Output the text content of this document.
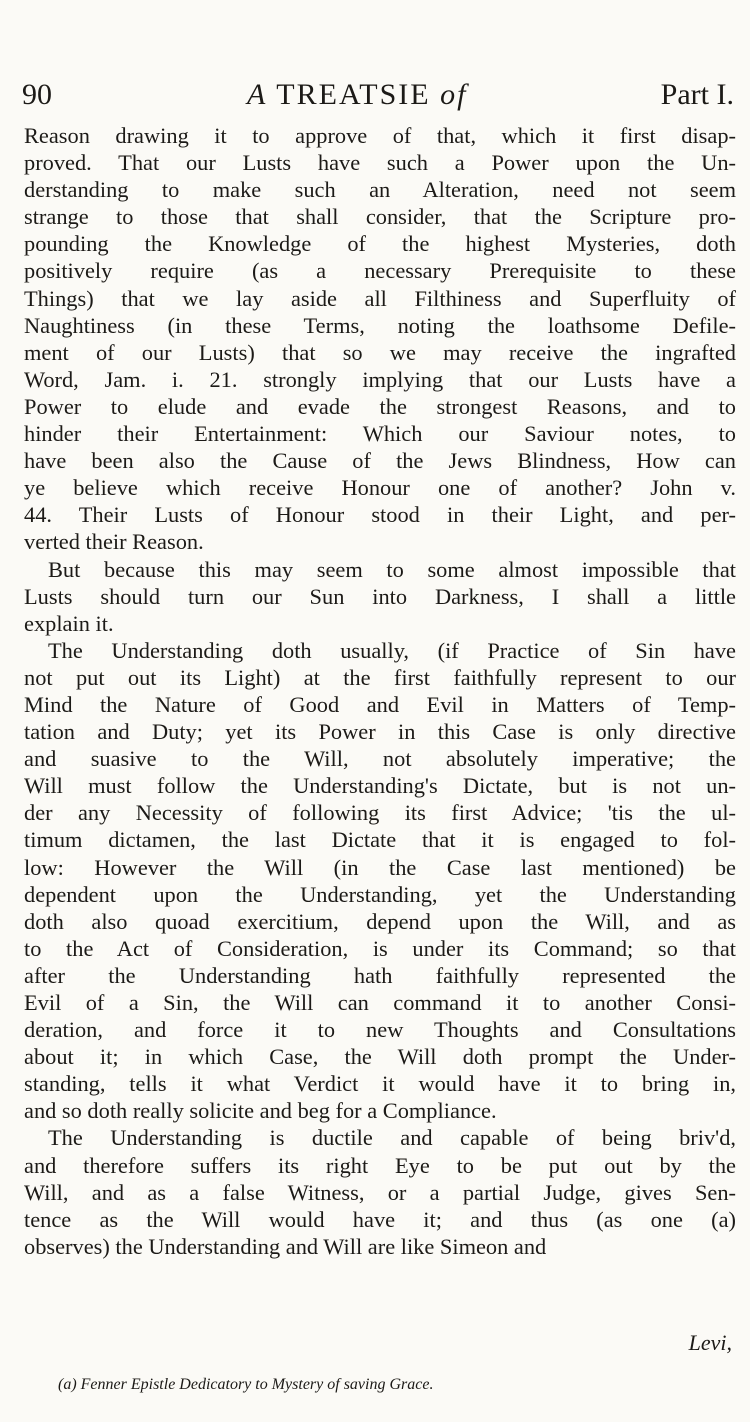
90	A TREATSIE of	Part I.
Reason drawing it to approve of that, which it first disap-
proved. That our Lusts have such a Power upon the Un-
derstanding to make such an Alteration, need not seem
strange to those that shall consider, that the Scripture pro-
pounding the Knowledge of the highest Mysteries, doth
positively require (as a necessary Prerequisite to these
Things) that we lay aside all Filthiness and Superfluity of
Naughtiness (in these Terms, noting the loathsome Defile-
ment of our Lusts) that so we may receive the ingrafted
Word, Jam. i. 21. strongly implying that our Lusts have a
Power to elude and evade the strongest Reasons, and to
hinder their Entertainment: Which our Saviour notes, to
have been also the Cause of the Jews Blindness, How can
ye believe which receive Honour one of another? John v.
44. Their Lusts of Honour stood in their Light, and per-
verted their Reason.
But because this may seem to some almost impossible that
Lusts should turn our Sun into Darkness, I shall a little
explain it.
The Understanding doth usually, (if Practice of Sin have
not put out its Light) at the first faithfully represent to our
Mind the Nature of Good and Evil in Matters of Temp-
tation and Duty; yet its Power in this Case is only directive
and suasive to the Will, not absolutely imperative; the
Will must follow the Understanding's Dictate, but is not un-
der any Necessity of following its first Advice; 'tis the ul-
timum dictamen, the last Dictate that it is engaged to fol-
low: However the Will (in the Case last mentioned) be
dependent upon the Understanding, yet the Understanding
doth also quoad exercitium, depend upon the Will, and as
to the Act of Consideration, is under its Command; so that
after the Understanding hath faithfully represented the
Evil of a Sin, the Will can command it to another Consi-
deration, and force it to new Thoughts and Consultations
about it; in which Case, the Will doth prompt the Under-
standing, tells it what Verdict it would have it to bring in,
and so doth really solicite and beg for a Compliance.
The Understanding is ductile and capable of being briv'd,
and therefore suffers its right Eye to be put out by the
Will, and as a false Witness, or a partial Judge, gives Sen-
tence as the Will would have it; and thus (as one (a)
observes) the Understanding and Will are like Simeon and
Levi,
(a) Fenner Epistle Dedicatory to Mystery of saving Grace.
